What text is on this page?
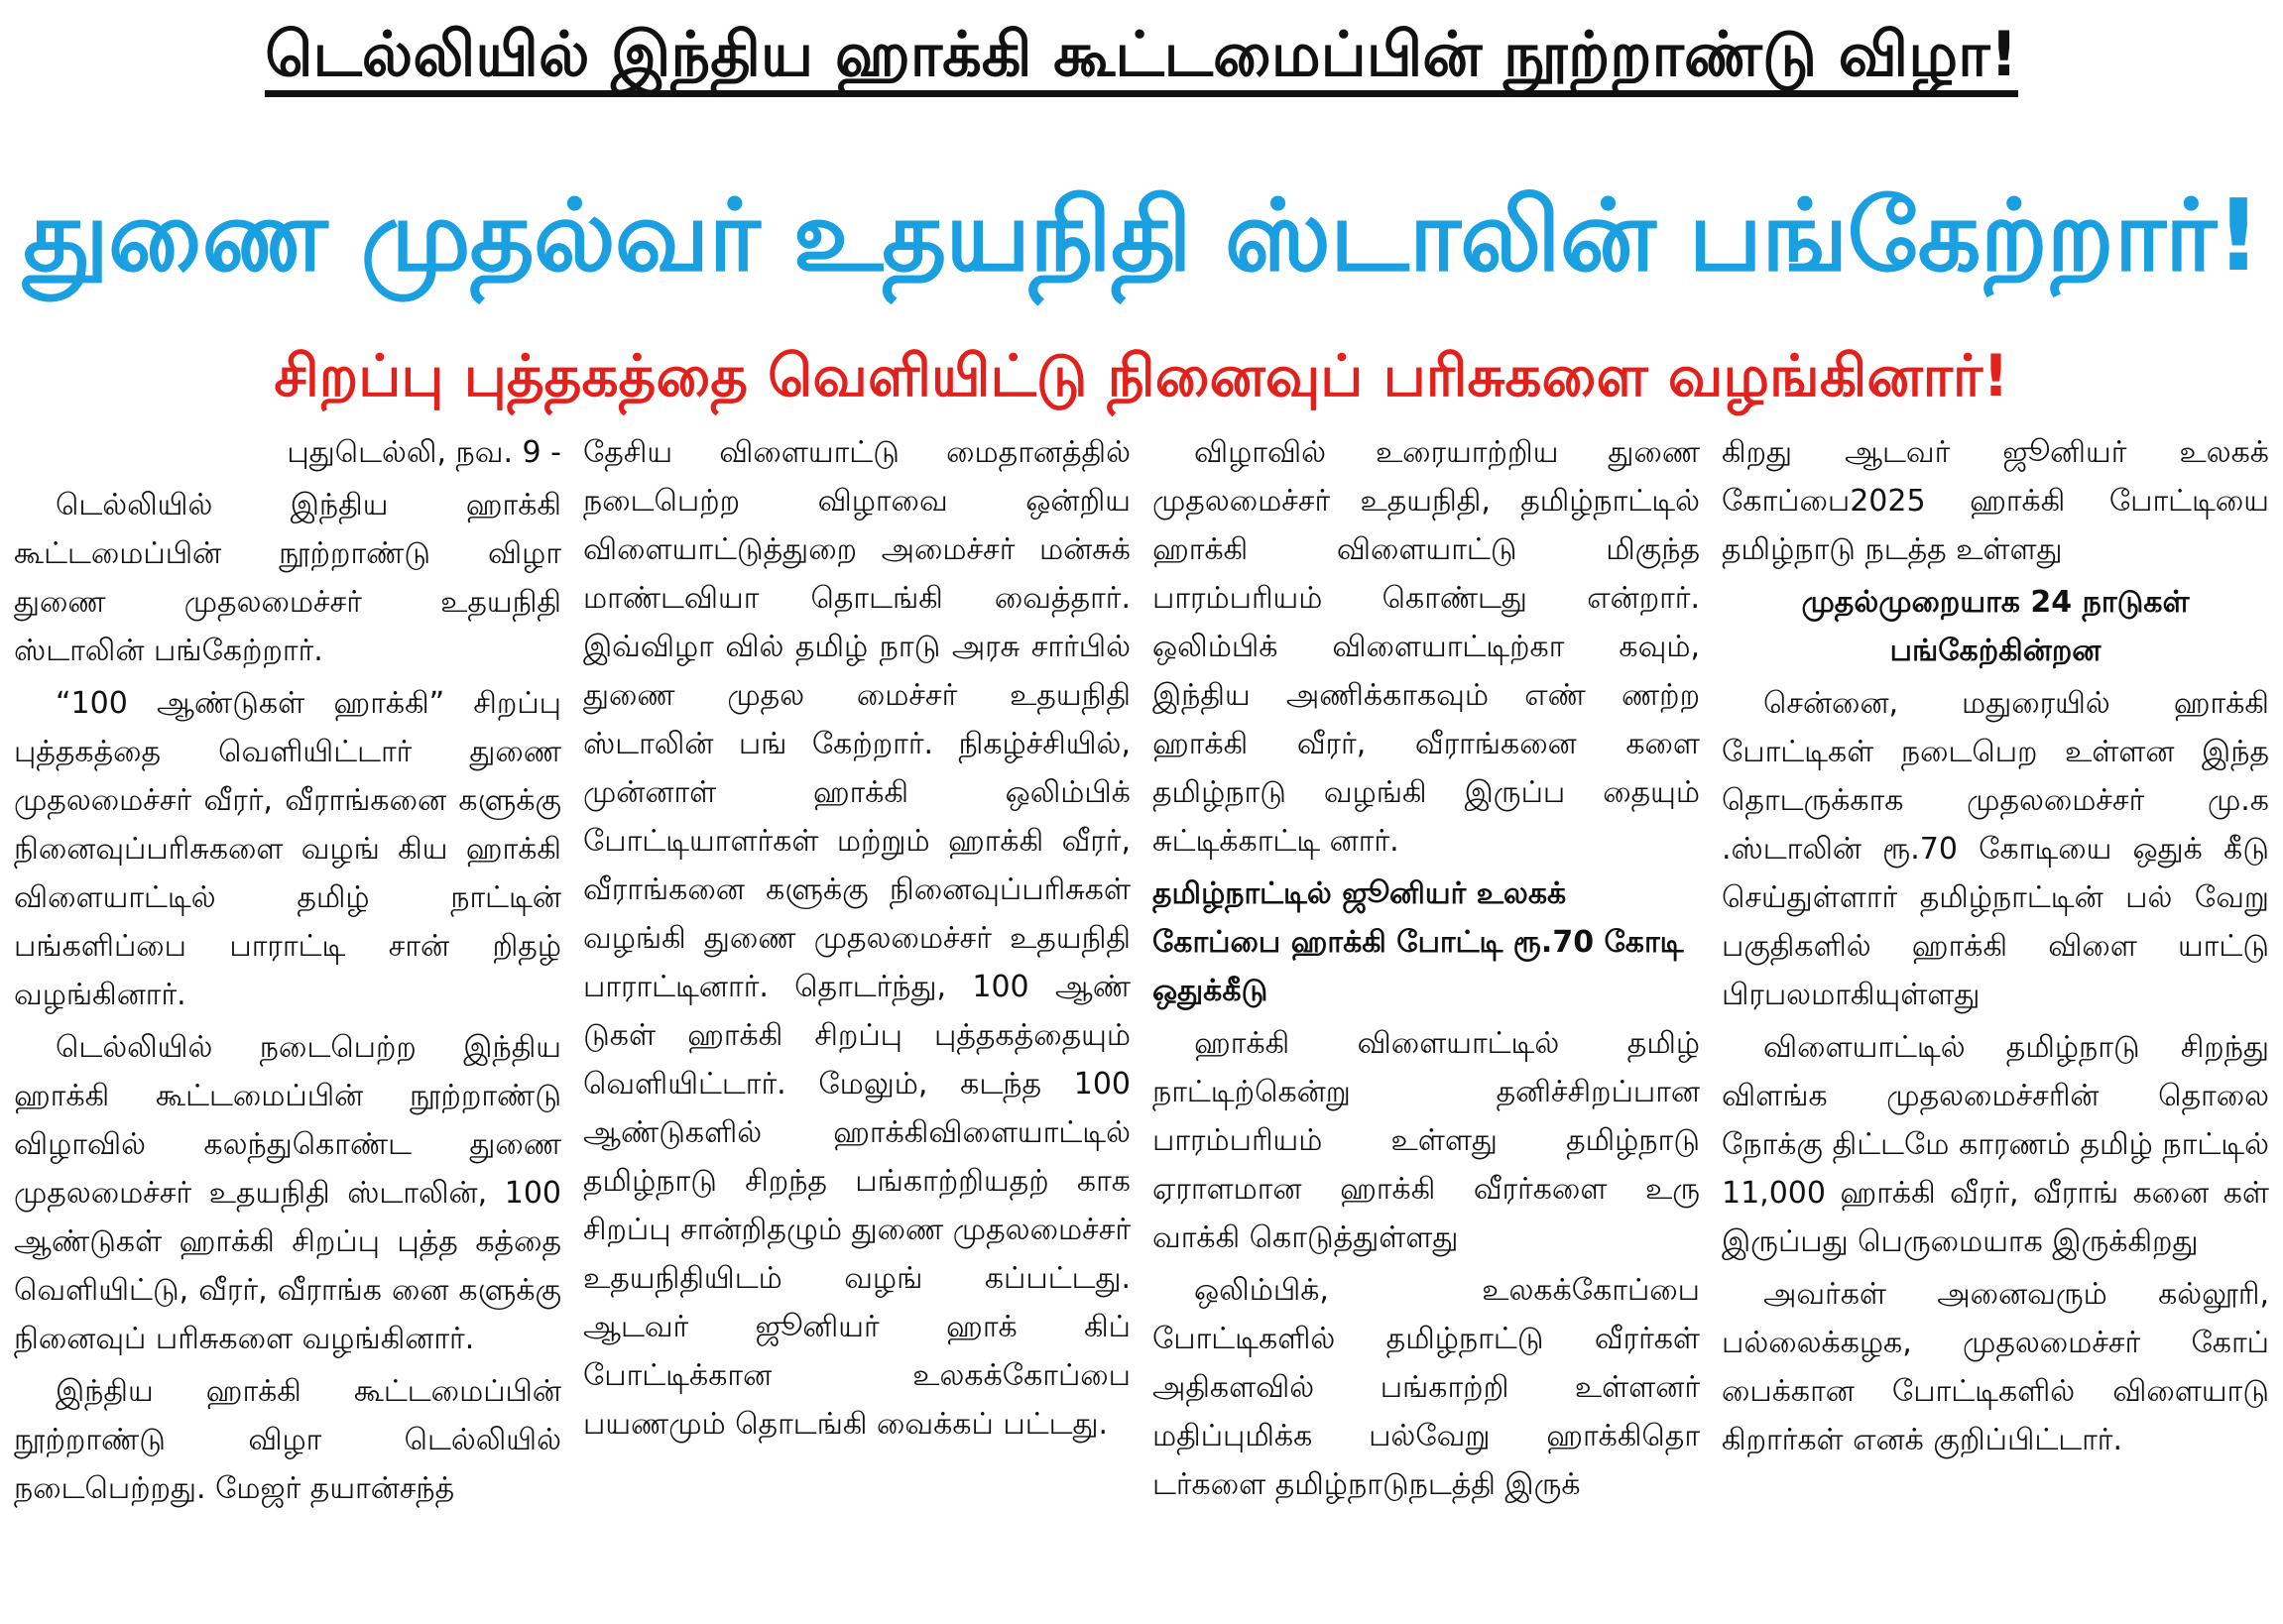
டெல்லியில் இந்திய ஹாக்கி கூட்டமைப்பின் நூற்றாண்டு விழா!
துணை முதல்வர் உதயநிதி ஸ்டாலின் பங்கேற்றார்!
சிறப்பு புத்தகத்தை வெளியிட்டு நினைவுப் பரிசுகளை வழங்கினார்!

புதுடெல்லி, நவ. 9 -

டெல்லியில் இந்திய ஹாக்கி கூட்டமைப்பின் நூற்றாண்டு விழா துணை முதலமைச்சர் உதயநிதி ஸ்டாலின் பங்கேற்றார்.

“100 ஆண்டுகள் ஹாக்கி” சிறப்பு புத்தகத்தை வெளியிட்டார் துணை முதலமைச்சர் வீரர், வீராங்கனை களுக்கு நினைவுப்பரிசுகளை வழங் கிய ஹாக்கி விளையாட்டில் தமிழ் நாட்டின் பங்களிப்பை பாராட்டி சான் றிதழ் வழங்கினார்.

டெல்லியில் நடைபெற்ற இந்திய ஹாக்கி கூட்டமைப்பின் நூற்றாண்டு விழாவில் கலந்துகொண்ட துணை முதலமைச்சர் உதயநிதி ஸ்டாலின், 100 ஆண்டுகள் ஹாக்கி சிறப்பு புத்த கத்தை வெளியிட்டு, வீரர், வீராங்க னை களுக்கு நினைவுப் பரிசுகளை வழங்கினார்.

இந்திய ஹாக்கி கூட்டமைப்பின் நூற்றாண்டு விழா டெல்லியில் நடைபெற்றது. மேஜர் தயான்சந்த்

தேசிய விளையாட்டு மைதானத்தில் நடைபெற்ற விழாவை ஒன்றிய விளையாட்டுத்துறை அமைச்சர் மன்சுக் மாண்டவியா தொடங்கி வைத்தார். இவ்விழா வில் தமிழ் நாடு அரசு சார்பில் துணை முதல மைச்சர் உதயநிதி ஸ்டாலின் பங் கேற்றார். நிகழ்ச்சியில், முன்னாள் ஹாக்கி ஒலிம்பிக் போட்டியாளர்கள் மற்றும் ஹாக்கி வீரர், வீராங்கனை களுக்கு நினைவுப்பரிசுகள் வழங்கி துணை முதலமைச்சர் உதயநிதி பாராட்டினார். தொடர்ந்து, 100 ஆண் டுகள் ஹாக்கி சிறப்பு புத்தகத்தையும் வெளியிட்டார். மேலும், கடந்த 100 ஆண்டுகளில் ஹாக்கிவிளையாட்டில் தமிழ்நாடு சிறந்த பங்காற்றியதற் காக சிறப்பு சான்றிதழும் துணை முதலமைச்சர் உதயநிதியிடம் வழங் கப்பட்டது. ஆடவர் ஜூனியர் ஹாக் கிப் போட்டிக்கான உலகக்கோப்பை பயணமும் தொடங்கி வைக்கப் பட்டது.

விழாவில் உரையாற்றிய துணை முதலமைச்சர் உதயநிதி, தமிழ்நாட்டில் ஹாக்கி விளையாட்டு மிகுந்த பாரம்பரியம் கொண்டது என்றார். ஒலிம்பிக் விளையாட்டிற்கா கவும், இந்திய அணிக்காகவும் எண் ணற்ற ஹாக்கி வீரர், வீராங்கனை களை தமிழ்நாடு வழங்கி இருப்ப தையும் சுட்டிக்காட்டி னார்.

தமிழ்நாட்டில் ஜூனியர் உலகக் கோப்பை ஹாக்கி போட்டி ரூ.70 கோடி ஒதுக்கீடு

ஹாக்கி விளையாட்டில் தமிழ் நாட்டிற்கென்று தனிச்சிறப்பான பாரம்பரியம் உள்ளது தமிழ்நாடு ஏராளமான ஹாக்கி வீரர்களை உரு வாக்கி கொடுத்துள்ளது

ஒலிம்பிக், உலகக்கோப்பை போட்டிகளில் தமிழ்நாட்டு வீரர்கள் அதிகளவில் பங்காற்றி உள்ளனர் மதிப்புமிக்க பல்வேறு ஹாக்கிதொ டர்களை தமிழ்நாடுநடத்தி இருக்

கிறது ஆடவர் ஜூனியர் உலகக் கோப்பை2025 ஹாக்கி போட்டியை தமிழ்நாடு நடத்த உள்ளது

முதல்முறையாக 24 நாடுகள் பங்கேற்கின்றன

சென்னை, மதுரையில் ஹாக்கி போட்டிகள் நடைபெற உள்ளன இந்த தொடருக்காக முதலமைச்சர் மு.க .ஸ்டாலின் ரூ.70 கோடியை ஒதுக் கீடு செய்துள்ளார் தமிழ்நாட்டின் பல் வேறு பகுதிகளில் ஹாக்கி விளை யாட்டு பிரபலமாகியுள்ளது

விளையாட்டில் தமிழ்நாடு சிறந்து விளங்க முதலமைச்சரின் தொலை நோக்கு திட்டமே காரணம் தமிழ் நாட்டில் 11,000 ஹாக்கி வீரர், வீராங் கனை கள் இருப்பது பெருமையாக இருக்கிறது

அவர்கள் அனைவரும் கல்லூரி, பல்லைக்கழக, முதலமைச்சர் கோப் பைக்கான போட்டிகளில் விளையாடு கிறார்கள் எனக் குறிப்பிட்டார்.
